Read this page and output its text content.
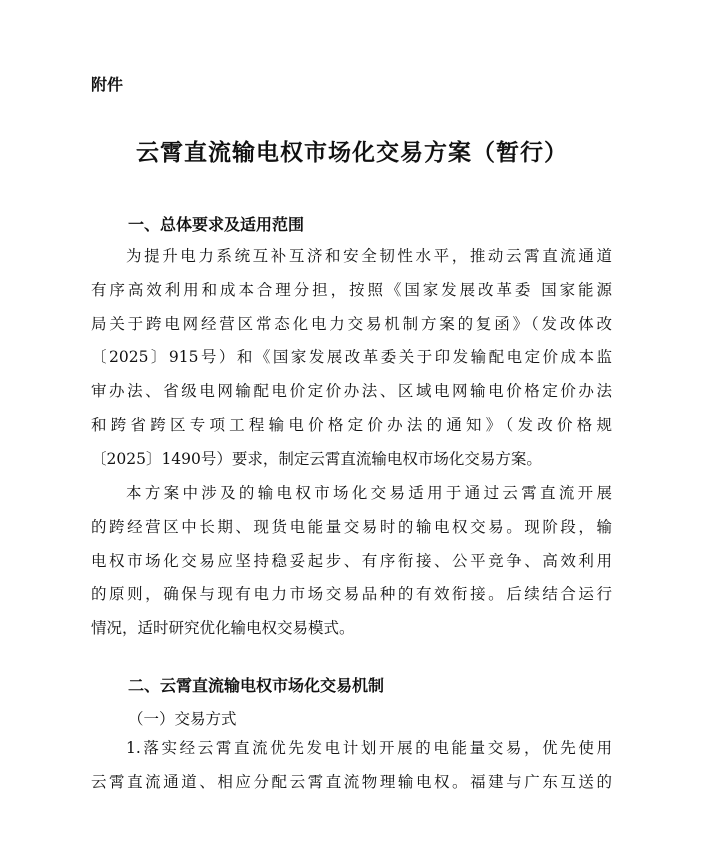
附件
云霄直流输电权市场化交易方案（暂行）
一、总体要求及适用范围
为提升电力系统互补互济和安全韧性水平，推动云霄直流通道
有序高效利用和成本合理分担，按照《国家发展改革委 国家能源
局关于跨电网经营区常态化电力交易机制方案的复函》（发改体改
〔2025〕915号）和《国家发展改革委关于印发输配电定价成本监
审办法、省级电网输配电价定价办法、区域电网输电价格定价办法
和跨省跨区专项工程输电价格定价办法的通知》（发改价格规
〔2025〕1490号）要求，制定云霄直流输电权市场化交易方案。
本方案中涉及的输电权市场化交易适用于通过云霄直流开展
的跨经营区中长期、现货电能量交易时的输电权交易。现阶段，输
电权市场化交易应坚持稳妥起步、有序衔接、公平竞争、高效利用
的原则，确保与现有电力市场交易品种的有效衔接。后续结合运行
情况，适时研究优化输电权交易模式。
二、云霄直流输电权市场化交易机制
（一）交易方式
1.落实经云霄直流优先发电计划开展的电能量交易，优先使用
云霄直流通道、相应分配云霄直流物理输电权。福建与广东互送的
